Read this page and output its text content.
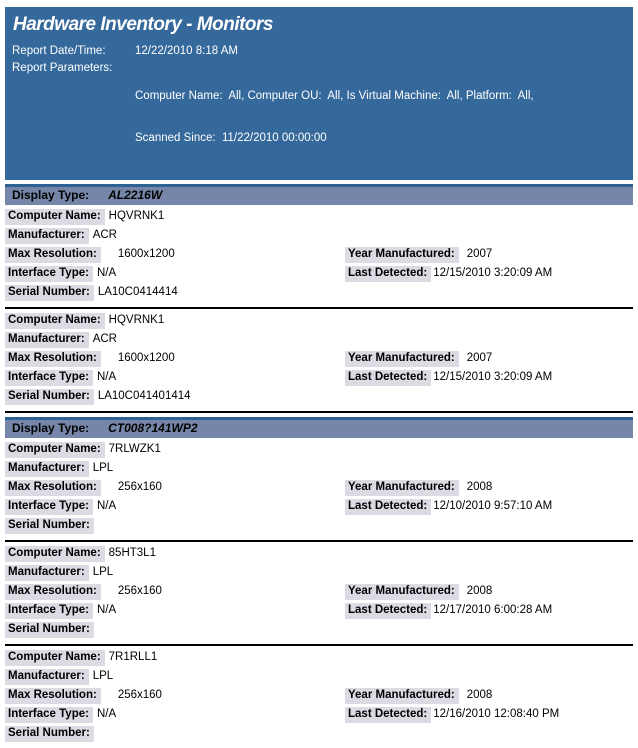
Hardware Inventory - Monitors
Report Date/Time:	12/22/2010 8:18 AM
Report Parameters:

Computer Name:  All, Computer OU:  All, Is Virtual Machine:  All, Platform:  All,

Scanned Since:  11/22/2010 00:00:00

Display Type: AL2216W
Computer Name: HQVRNK1
Manufacturer: ACR
Max Resolution:	1600x1200	Year Manufactured:	2007
Interface Type: N/A	Last Detected: 12/15/2010 3:20:09 AM
Serial Number: LA10C0414414
Computer Name: HQVRNK1
Manufacturer: ACR
Max Resolution:	1600x1200	Year Manufactured:	2007
Interface Type: N/A	Last Detected: 12/15/2010 3:20:09 AM
Serial Number: LA10C041401414
Display Type: CT008?141WP2
Computer Name: 7RLWZK1
Manufacturer: LPL
Max Resolution:	256x160	Year Manufactured:	2008
Interface Type: N/A	Last Detected: 12/10/2010 9:57:10 AM
Serial Number:
Computer Name: 85HT3L1
Manufacturer: LPL
Max Resolution:	256x160	Year Manufactured:	2008
Interface Type: N/A	Last Detected: 12/17/2010 6:00:28 AM
Serial Number:
Computer Name: 7R1RLL1
Manufacturer: LPL
Max Resolution:	256x160	Year Manufactured:	2008
Interface Type: N/A	Last Detected: 12/16/2010 12:08:40 PM
Serial Number:
